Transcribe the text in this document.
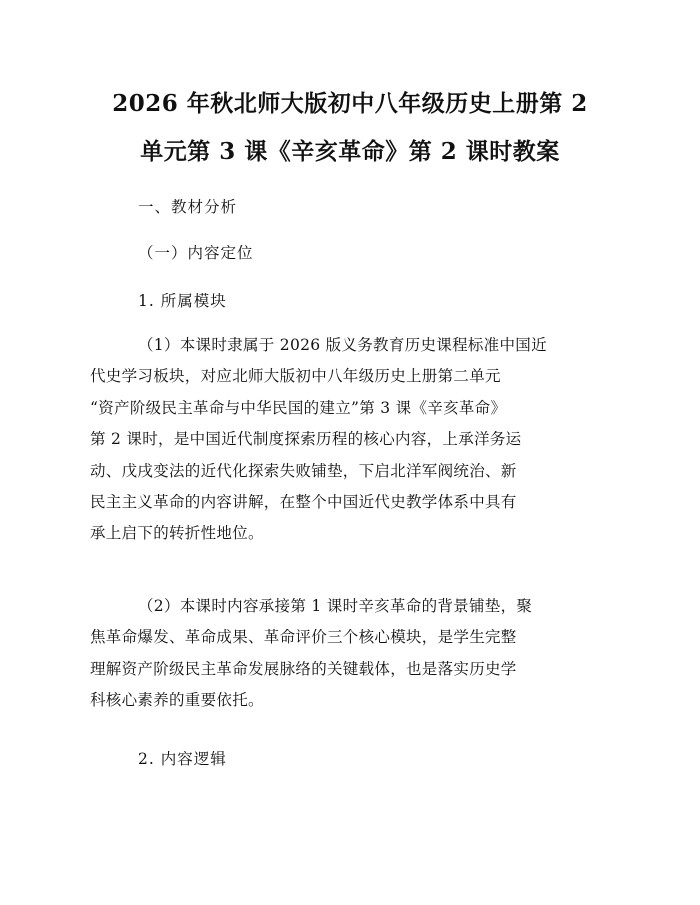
2026 年秋北师大版初中八年级历史上册第 2
单元第 3 课《辛亥革命》第 2 课时教案
一、教材分析
（一）内容定位
1. 所属模块
（1）本课时隶属于 2026 版义务教育历史课程标准中国近
代史学习板块，对应北师大版初中八年级历史上册第二单元
“资产阶级民主革命与中华民国的建立”第 3 课《辛亥革命》
第 2 课时，是中国近代制度探索历程的核心内容，上承洋务运
动、戊戌变法的近代化探索失败铺垫，下启北洋军阀统治、新
民主主义革命的内容讲解，在整个中国近代史教学体系中具有
承上启下的转折性地位。
（2）本课时内容承接第 1 课时辛亥革命的背景铺垫，聚
焦革命爆发、革命成果、革命评价三个核心模块，是学生完整
理解资产阶级民主革命发展脉络的关键载体，也是落实历史学
科核心素养的重要依托。
2. 内容逻辑
